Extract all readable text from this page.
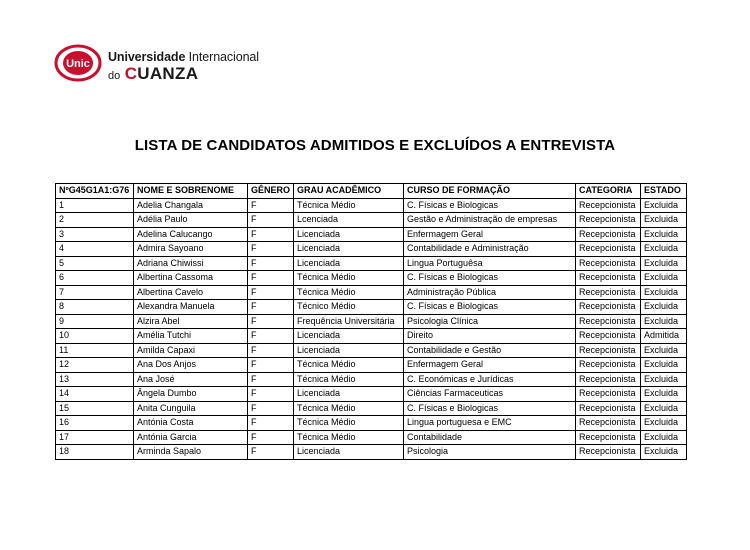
Unic Universidade Internacional
do CUANZA
LISTA DE CANDIDATOS ADMITIDOS E EXCLUÍDOS A ENTREVISTA
NºG45G1A1:G76	NOME E SOBRENOME	GÊNERO	GRAU ACADÊMICO	CURSO DE FORMAÇÃO	CATEGORIA	ESTADO
1	Adelia Changala	F	Técnica Médio	C. Físicas e Biologicas	Recepcionista	Excluida
2	Adélia Paulo	F	Lcenciada	Gestão e Administração de empresas	Recepcionista	Excluida
3	Adelina Calucango	F	Licenciada	Enfermagem Geral	Recepcionista	Excluida
4	Admira Sayoano	F	Licenciada	Contabilidade e Administração	Recepcionista	Excluida
5	Adriana Chiwissi	F	Licenciada	Lingua Portuguêsa	Recepcionista	Excluida
6	Albertina Cassoma	F	Técnica Médio	C. Físicas e Biologicas	Recepcionista	Excluida
7	Albertina Cavelo	F	Técnica Médio	Administração Pública	Recepcionista	Excluida
8	Alexandra Manuela	F	Técnico Médio	C. Físicas e Biologicas	Recepcionista	Excluida
9	Alzira Abel	F	Frequência Universitária	Psicologia Clínica	Recepcionista	Excluida
10	Amélia Tutchi	F	Licenciada	Direito	Recepcionista	Admitida
11	Amilda Capaxi	F	Licenciada	Contabilidade e Gestão	Recepcionista	Excluida
12	Ana Dos Anjos	F	Técnica Médio	Enfermagem Geral	Recepcionista	Excluida
13	Ana José	F	Técnica Médio	C. Económicas e Jurídicas	Recepcionista	Excluida
14	Ângela Dumbo	F	Licenciada	Ciências Farmaceuticas	Recepcionista	Excluida
15	Anita Cunguila	F	Técnica Médio	C. Físicas e Biologicas	Recepcionista	Excluida
16	Antónia Costa	F	Técnica Médio	Lingua portuguesa e EMC	Recepcionista	Excluida
17	Antónia Garcia	F	Técnica Médio	Contabilidade	Recepcionista	Excluida
18	Arminda Sapalo	F	Licenciada	Psicologia	Recepcionista	Excluida
